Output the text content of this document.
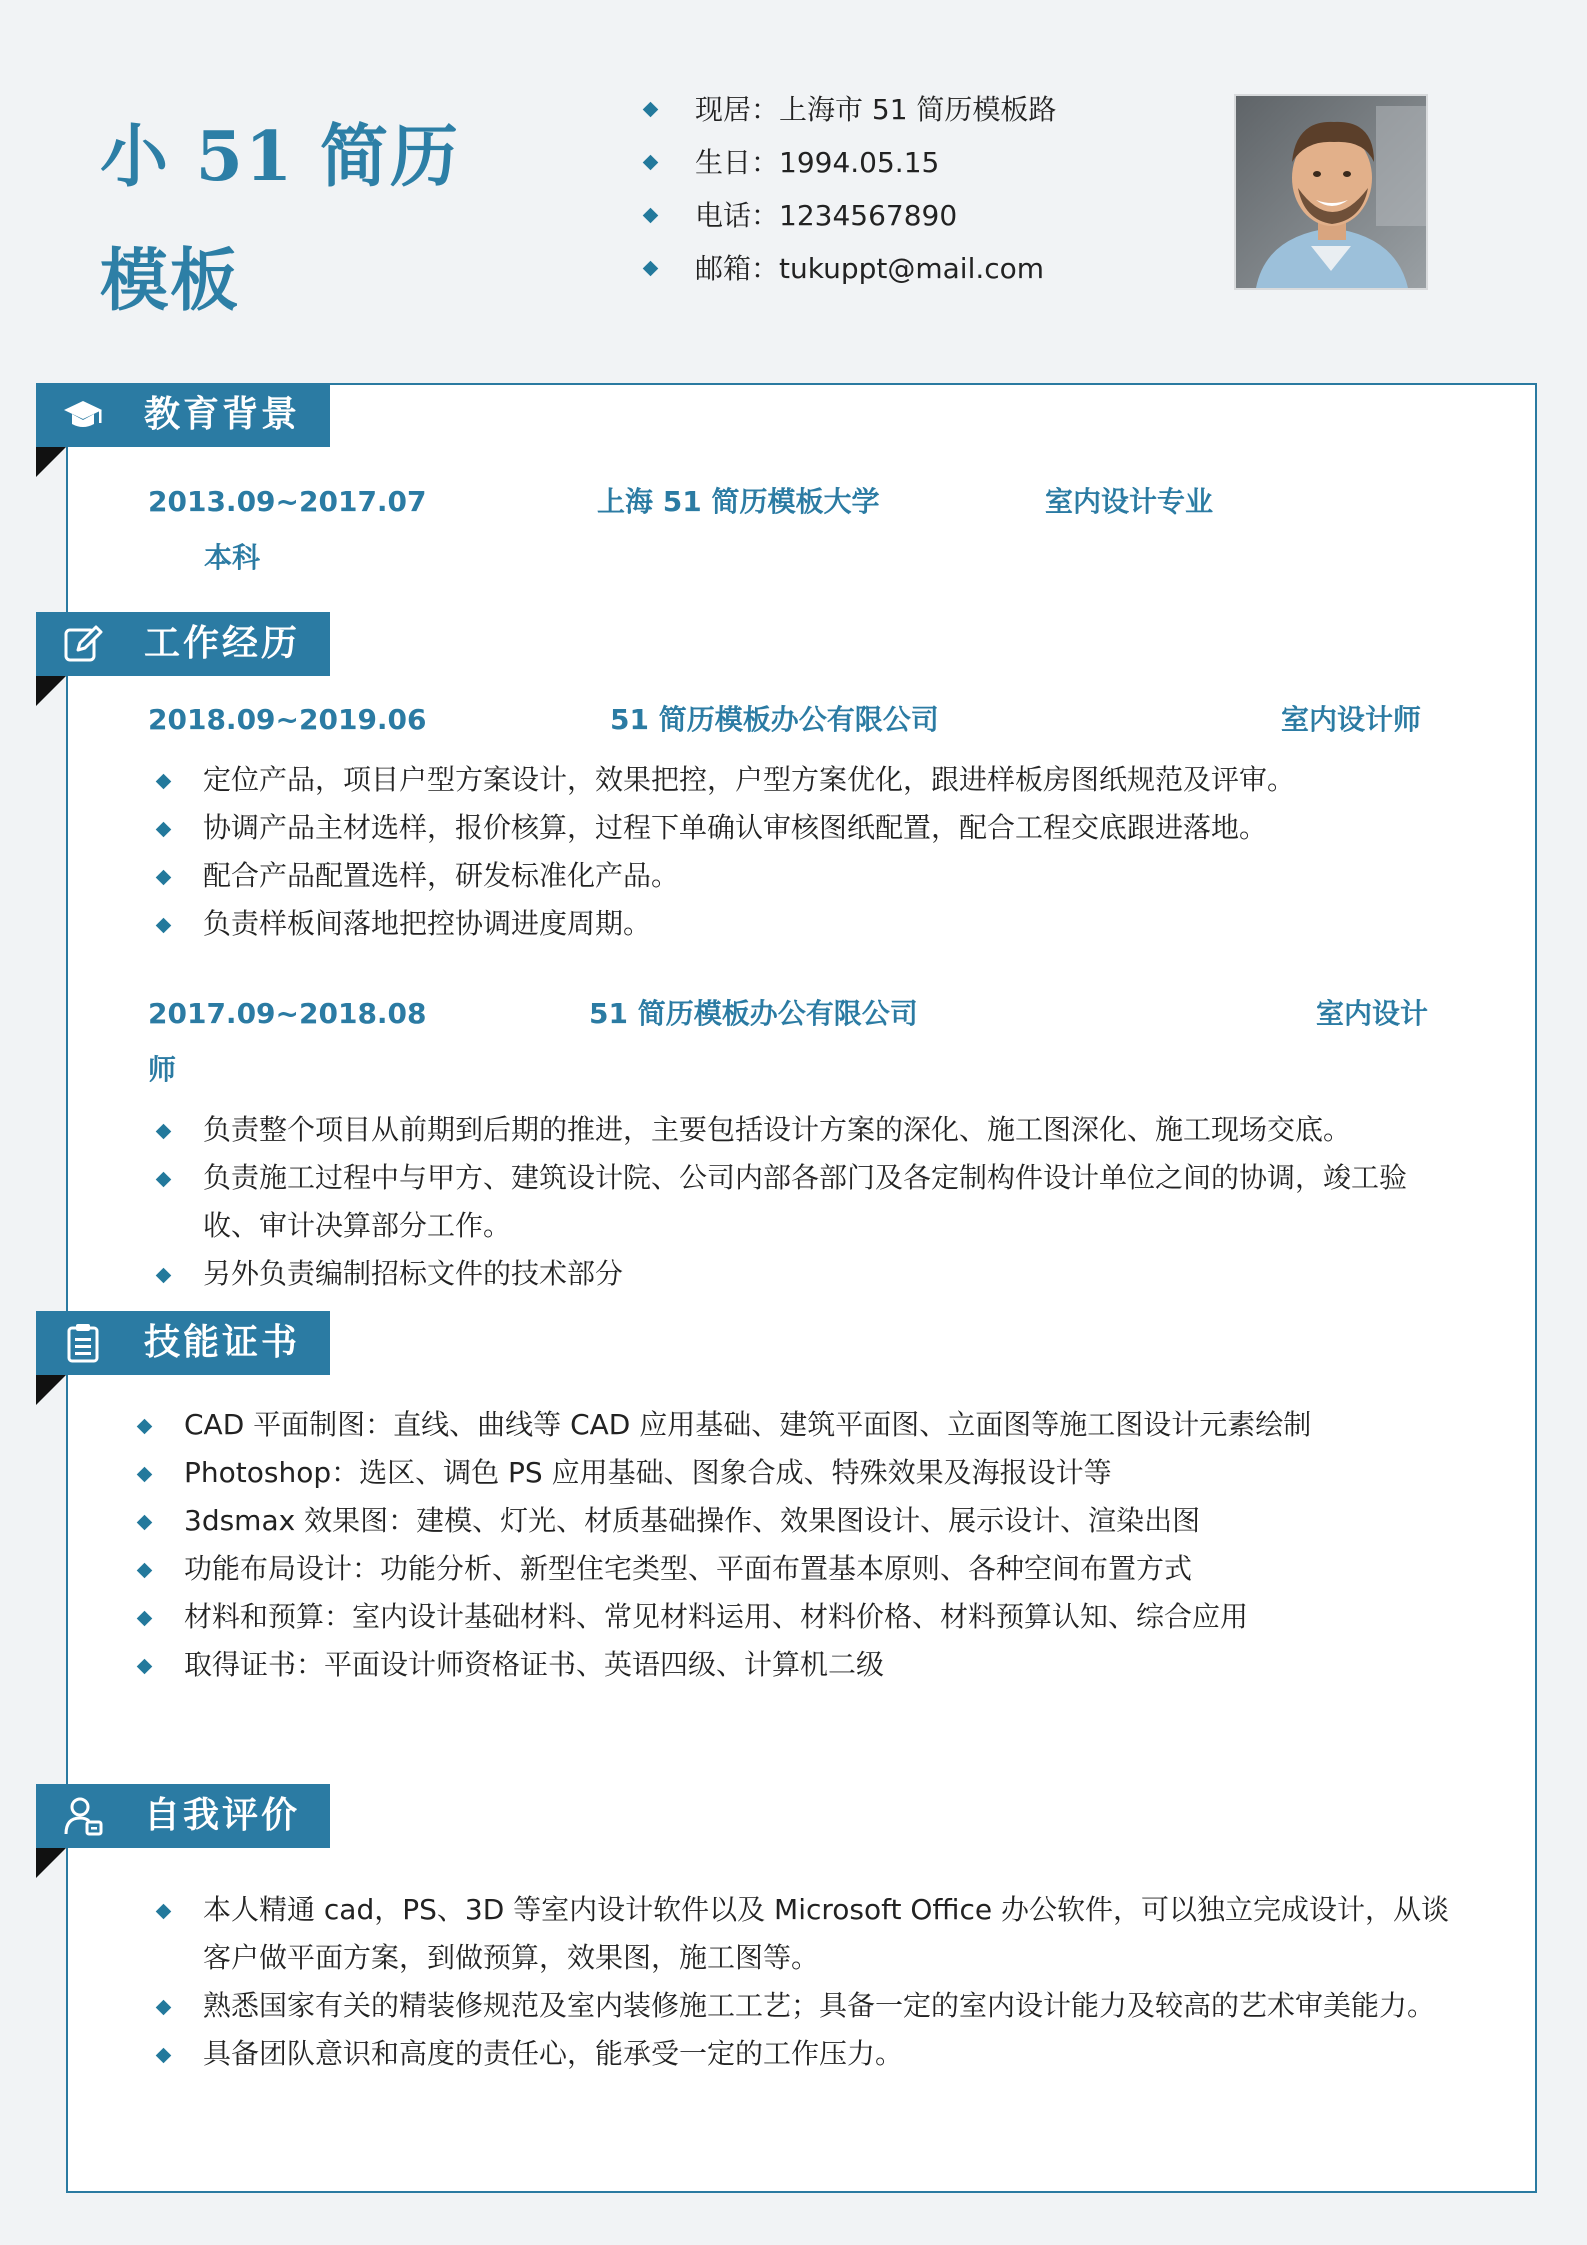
小 51 简历模板
现居：上海市 51 简历模板路
生日：1994.05.15
电话：1234567890
邮箱：tukuppt@mail.com
教育背景
2013.09~2017.07	上海 51 简历模板大学	室内设计专业
本科
工作经历
2018.09~2019.06	51 简历模板办公有限公司	室内设计师
定位产品，项目户型方案设计，效果把控，户型方案优化，跟进样板房图纸规范及评审。
协调产品主材选样，报价核算，过程下单确认审核图纸配置，配合工程交底跟进落地。
配合产品配置选样，研发标准化产品。
负责样板间落地把控协调进度周期。
2017.09~2018.08	51 简历模板办公有限公司	室内设计
师
负责整个项目从前期到后期的推进，主要包括设计方案的深化、施工图深化、施工现场交底。
负责施工过程中与甲方、建筑设计院、公司内部各部门及各定制构件设计单位之间的协调，竣工验收、审计决算部分工作。
另外负责编制招标文件的技术部分
技能证书
CAD 平面制图：直线、曲线等 CAD 应用基础、建筑平面图、立面图等施工图设计元素绘制
Photoshop：选区、调色 PS 应用基础、图象合成、特殊效果及海报设计等
3dsmax 效果图：建模、灯光、材质基础操作、效果图设计、展示设计、渲染出图
功能布局设计：功能分析、新型住宅类型、平面布置基本原则、各种空间布置方式
材料和预算：室内设计基础材料、常见材料运用、材料价格、材料预算认知、综合应用
取得证书：平面设计师资格证书、英语四级、计算机二级
自我评价
本人精通 cad，PS、3D 等室内设计软件以及 Microsoft Office 办公软件，可以独立完成设计，从谈客户做平面方案，到做预算，效果图，施工图等。
熟悉国家有关的精装修规范及室内装修施工工艺；具备一定的室内设计能力及较高的艺术审美能力。
具备团队意识和高度的责任心，能承受一定的工作压力。
